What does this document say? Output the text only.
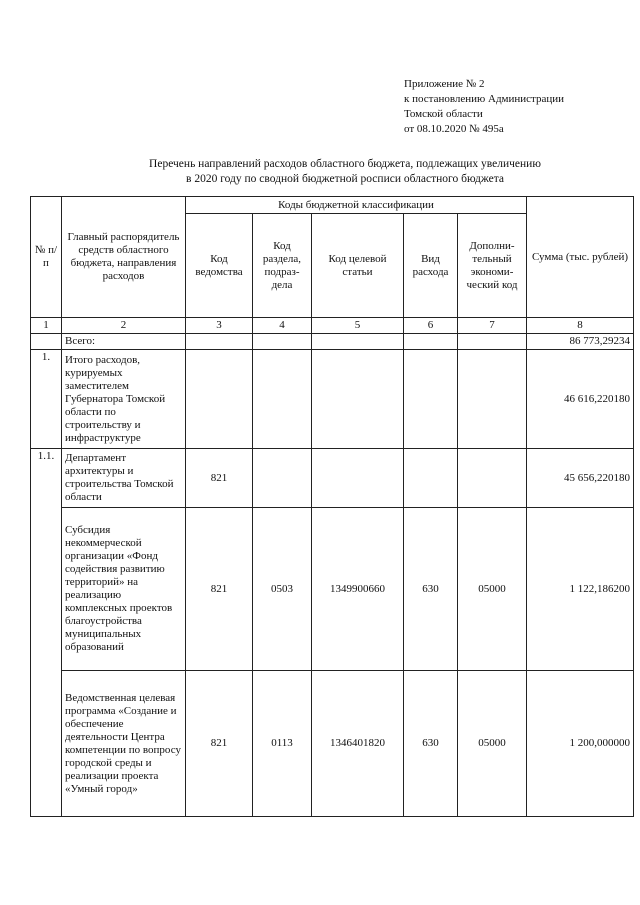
Приложение № 2
к постановлению Администрации
Томской области
от 08.10.2020 № 495а
Перечень направлений расходов областного бюджета, подлежащих увеличению
в 2020 году по сводной бюджетной росписи областного бюджета
№ п/п	Главный распорядитель средств областного бюджета, направления расходов	Коды бюджетной классификации					Сумма (тыс. рублей)
		Код ведомства	Код раздела, подраз-дела	Код целевой статьи	Вид расхода	Дополни-тельный экономи-ческий код	
1	2	3	4	5	6	7	8
	Всего:						86 773,29234
1.	Итого расходов, курируемых заместителем Губернатора Томской области по строительству и инфраструктуре						46 616,220180
1.1.	Департамент архитектуры и строительства Томской области	821					45 656,220180
	Субсидия некоммерческой организации «Фонд содействия развитию территорий» на реализацию комплексных проектов благоустройства муниципальных образований	821	0503	1349900660	630	05000	1 122,186200
	Ведомственная целевая программа «Создание и обеспечение деятельности Центра компетенции по вопросу городской среды и реализации проекта «Умный город»	821	0113	1346401820	630	05000	1 200,000000
